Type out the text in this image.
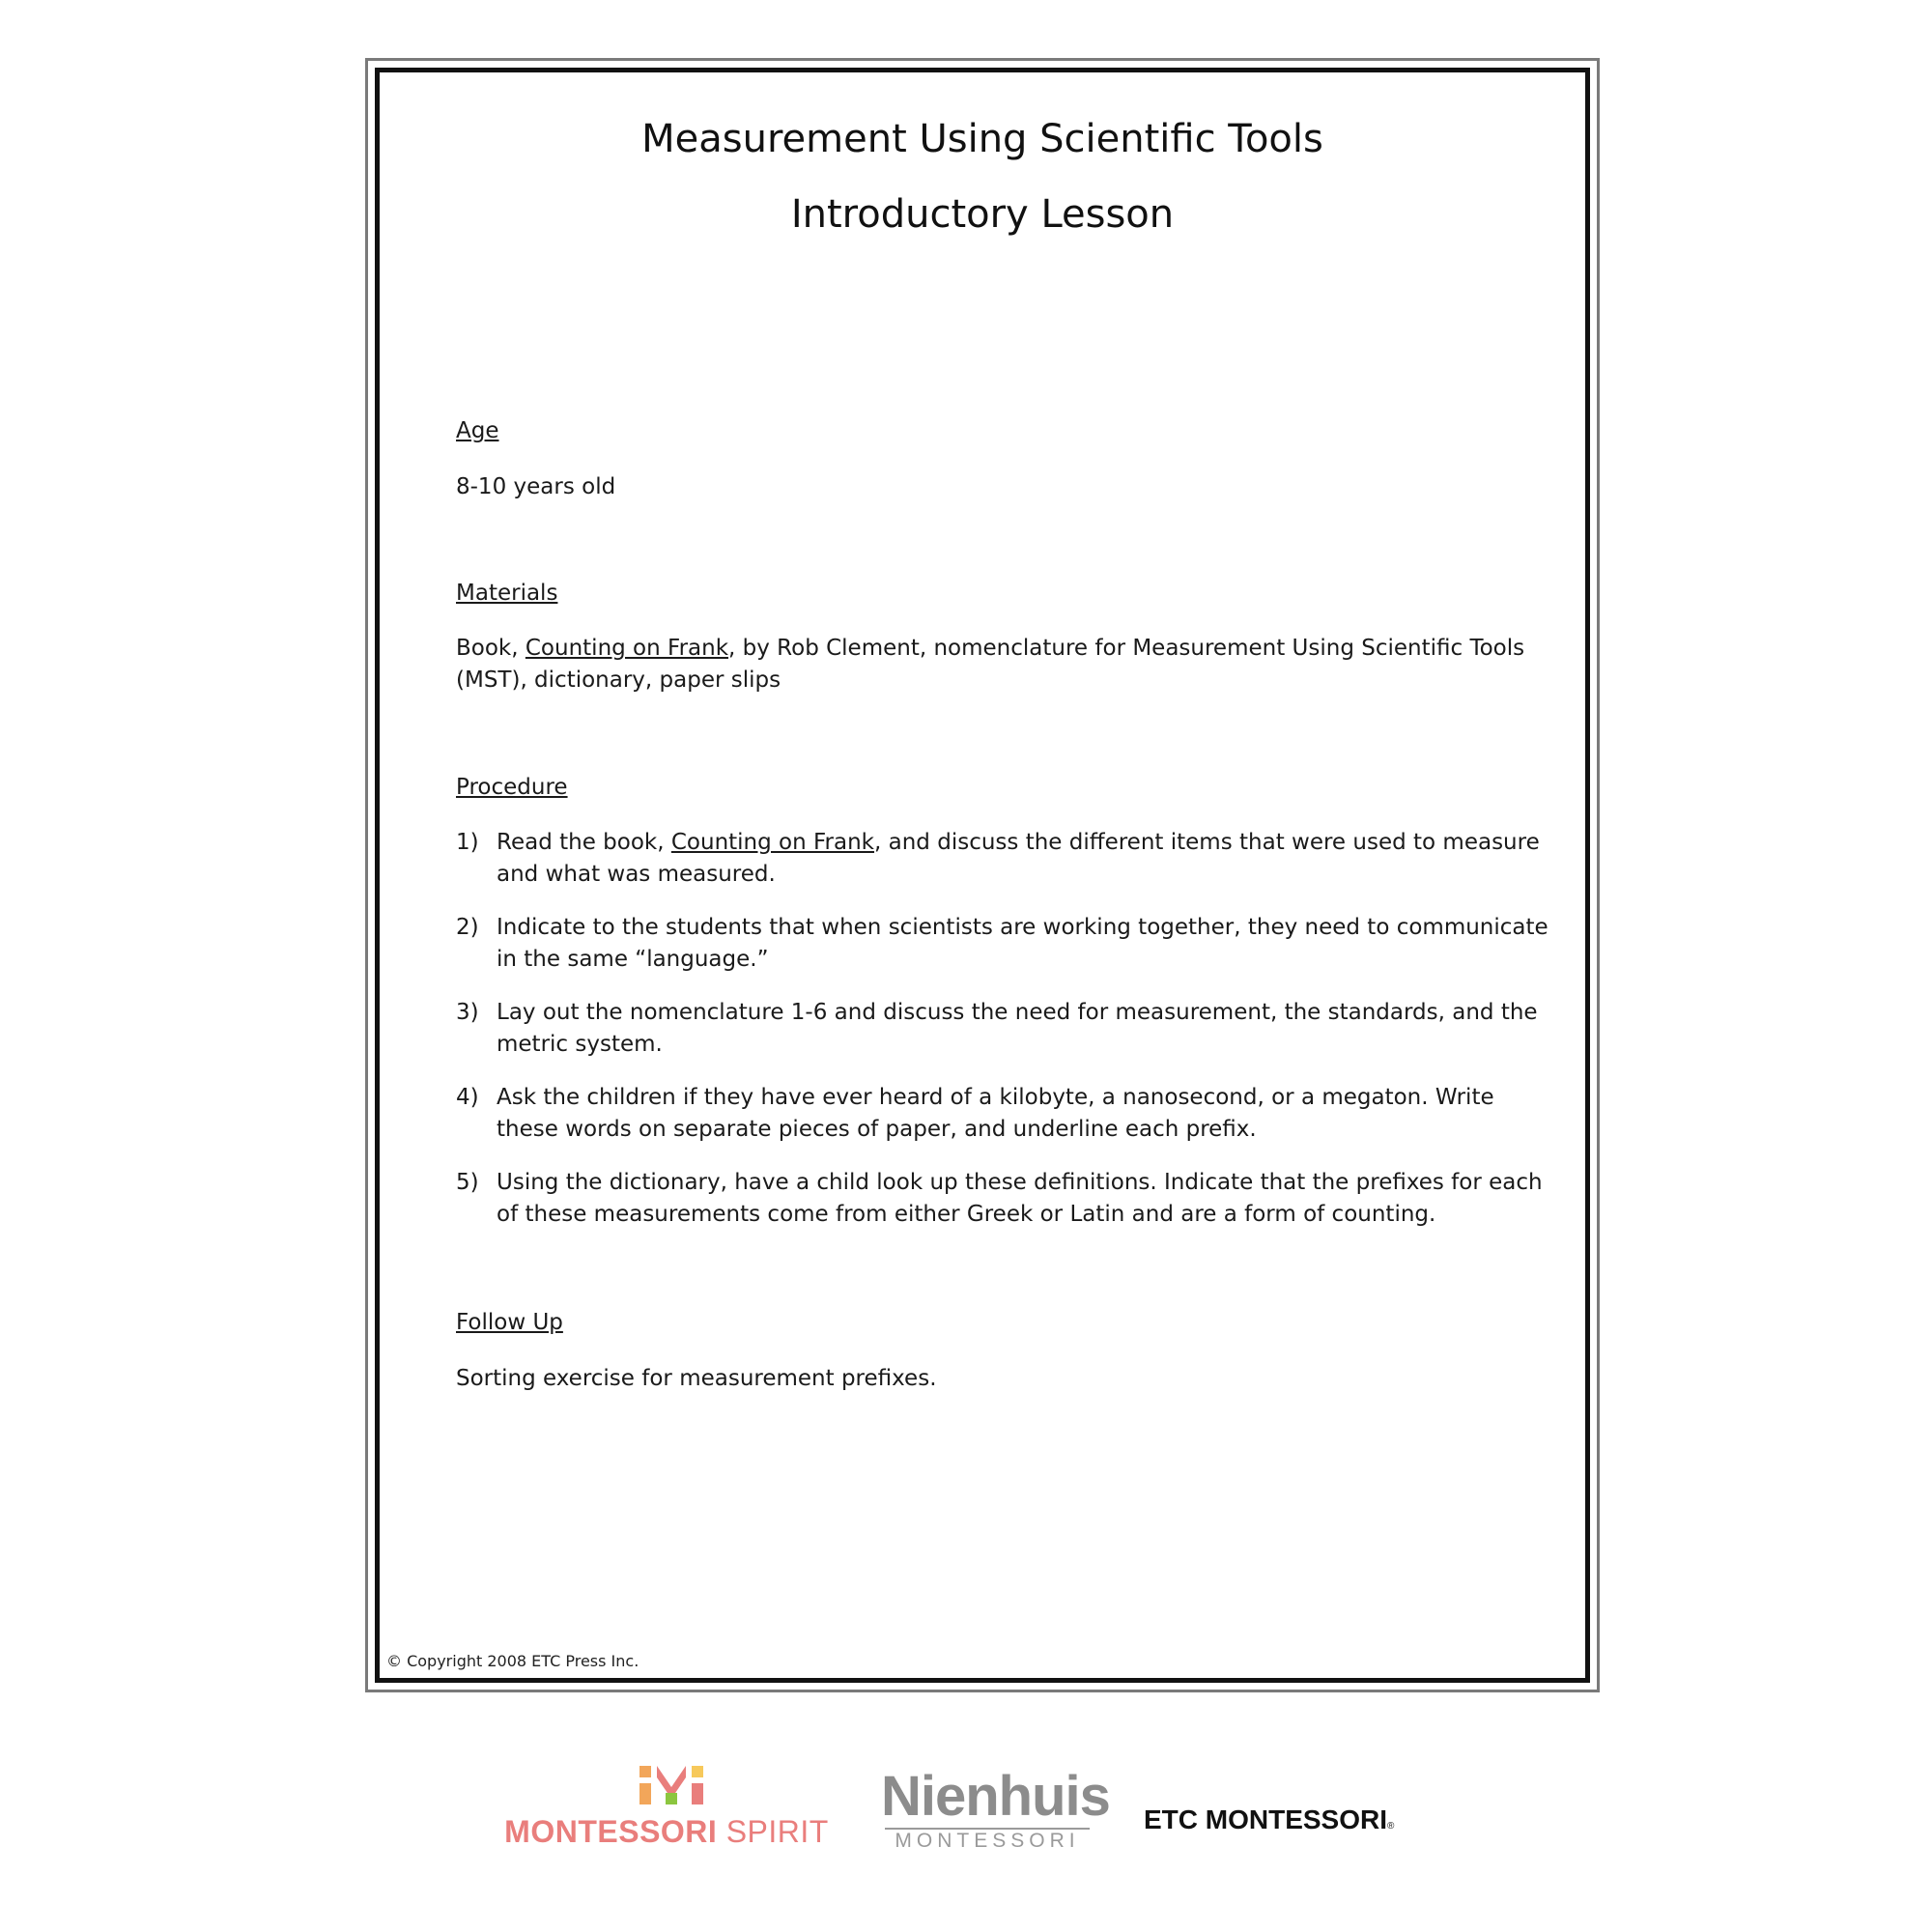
Measurement Using Scientific Tools
Introductory Lesson
Age
8-10 years old
Materials
Book, Counting on Frank, by Rob Clement, nomenclature for Measurement Using Scientific Tools (MST), dictionary, paper slips
Procedure
1) Read the book, Counting on Frank, and discuss the different items that were used to measure and what was measured.
2) Indicate to the students that when scientists are working together, they need to communicate in the same “language.”
3) Lay out the nomenclature 1-6 and discuss the need for measurement, the standards, and the metric system.
4) Ask the children if they have ever heard of a kilobyte, a nanosecond, or a megaton. Write these words on separate pieces of paper, and underline each prefix.
5) Using the dictionary, have a child look up these definitions. Indicate that the prefixes for each of these measurements come from either Greek or Latin and are a form of counting.
Follow Up
Sorting exercise for measurement prefixes.
© Copyright 2008 ETC Press Inc.
MONTESSORI SPIRIT
Nienhuis
MONTESSORI
ETC MONTESSORI®
